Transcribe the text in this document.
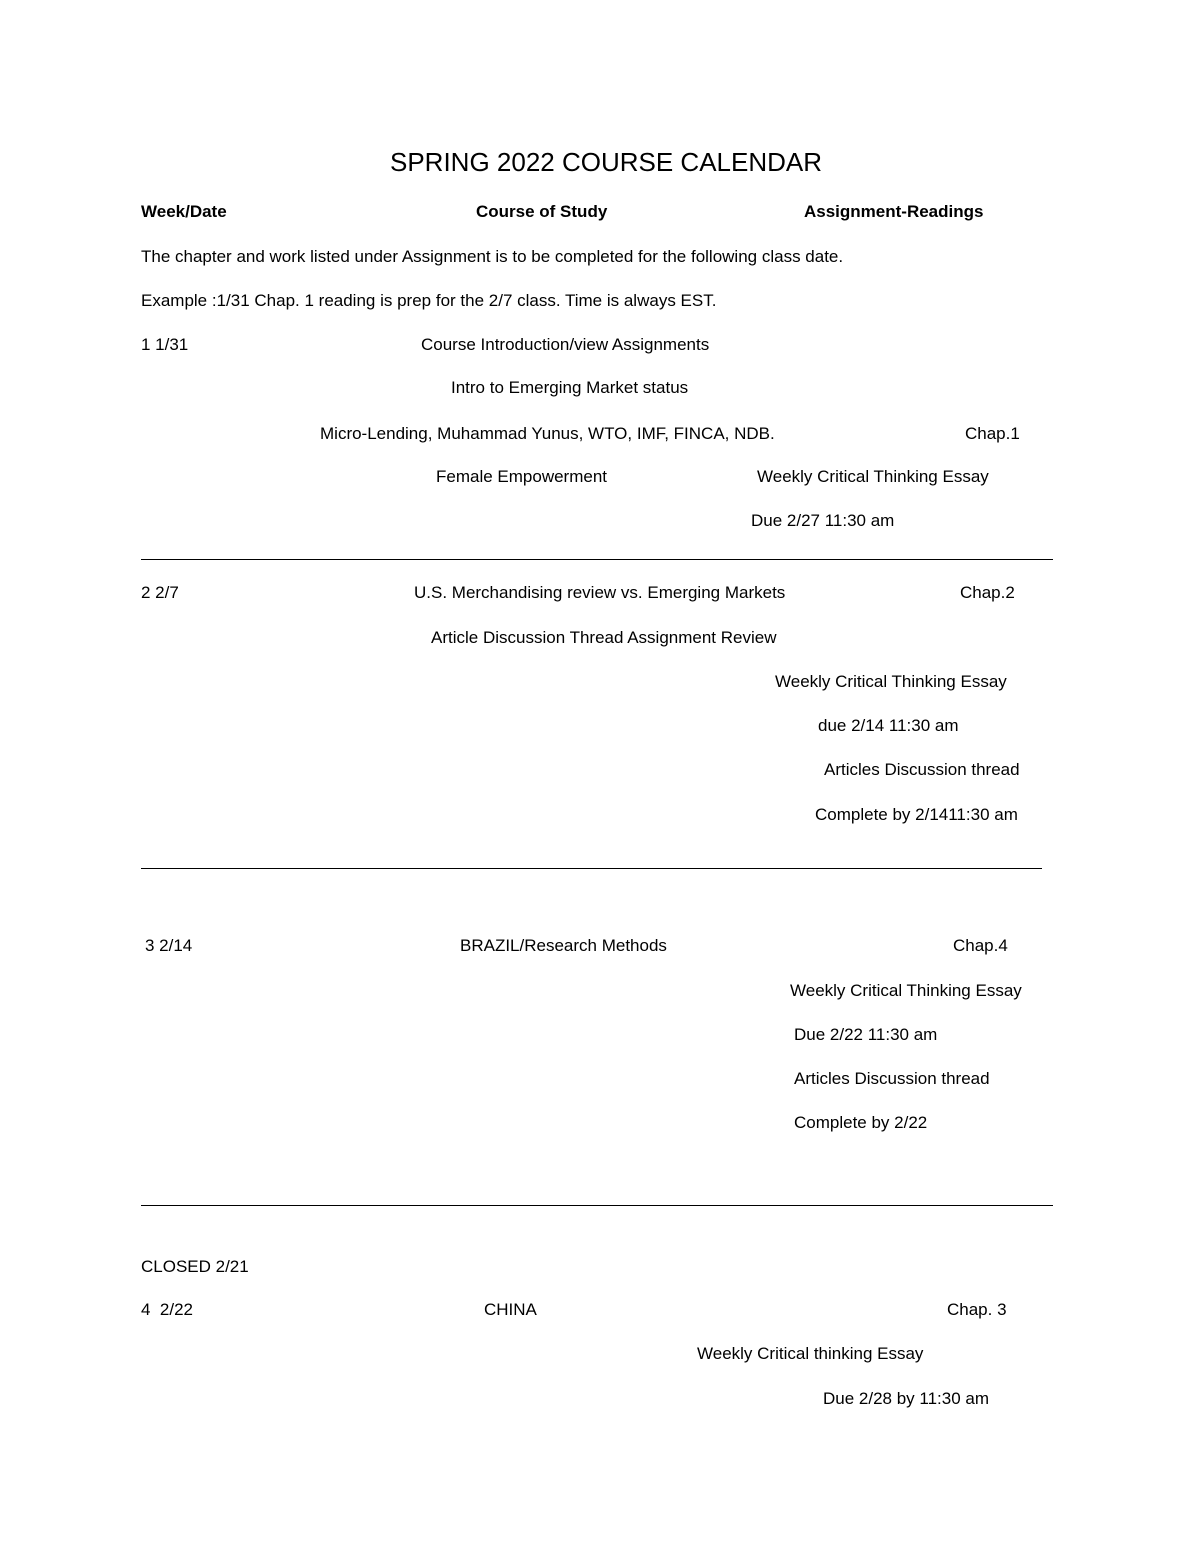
SPRING 2022 COURSE CALENDAR
Week/Date	Course of Study	Assignment-Readings
The chapter and work listed under Assignment is to be completed for the following class date.
Example :1/31 Chap. 1 reading is prep for the 2/7 class. Time is always EST.
1 1/31	Course Introduction/view Assignments
Intro to Emerging Market status
Micro-Lending, Muhammad Yunus, WTO, IMF, FINCA, NDB.	Chap.1
Female Empowerment	Weekly Critical Thinking Essay
Due 2/27 11:30 am
2 2/7	U.S. Merchandising review vs. Emerging Markets	Chap.2
Article Discussion Thread Assignment Review
Weekly Critical Thinking Essay
due 2/14 11:30 am
Articles Discussion thread
Complete by 2/1411:30 am
3 2/14	BRAZIL/Research Methods	Chap.4
Weekly Critical Thinking Essay
Due 2/22 11:30 am
Articles Discussion thread
Complete by 2/22
CLOSED 2/21
4  2/22	CHINA	Chap. 3
Weekly Critical thinking Essay
Due 2/28 by 11:30 am
